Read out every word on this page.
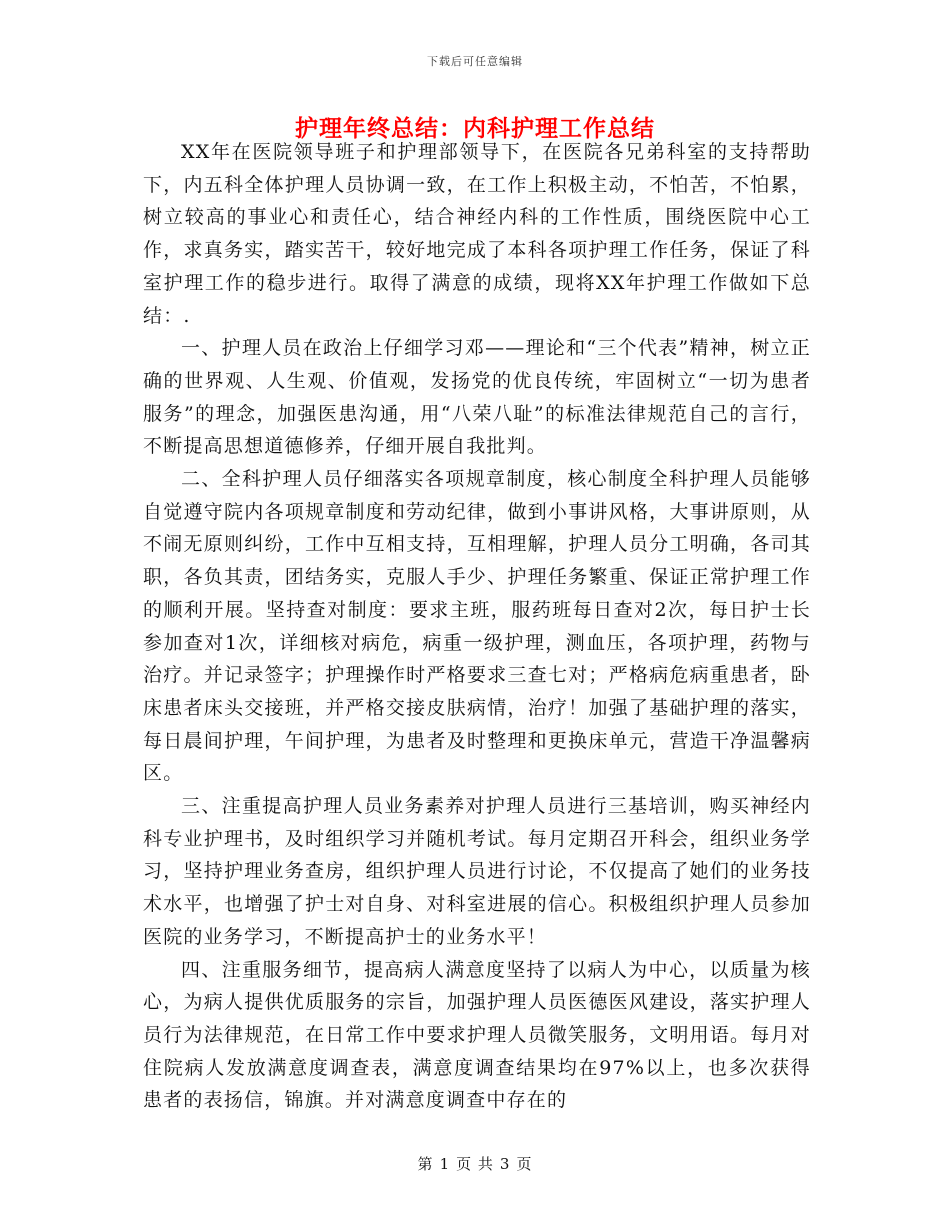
下载后可任意编辑
护理年终总结：内科护理工作总结

XX年在医院领导班子和护理部领导下，在医院各兄弟科室的支持帮助下，内五科全体护理人员协调一致，在工作上积极主动，不怕苦，不怕累，树立较高的事业心和责任心，结合神经内科的工作性质，围绕医院中心工作，求真务实，踏实苦干，较好地完成了本科各项护理工作任务，保证了科室护理工作的稳步进行。取得了满意的成绩，现将XX年护理工作做如下总结：.

一、护理人员在政治上仔细学习邓——理论和“三个代表”精神，树立正确的世界观、人生观、价值观，发扬党的优良传统，牢固树立“一切为患者服务”的理念，加强医患沟通，用“八荣八耻”的标准法律规范自己的言行，不断提高思想道德修养，仔细开展自我批判。

二、全科护理人员仔细落实各项规章制度，核心制度全科护理人员能够自觉遵守院内各项规章制度和劳动纪律，做到小事讲风格，大事讲原则，从不闹无原则纠纷，工作中互相支持，互相理解，护理人员分工明确，各司其职，各负其责，团结务实，克服人手少、护理任务繁重、保证正常护理工作的顺利开展。坚持查对制度：要求主班，服药班每日查对2次，每日护士长参加查对1次，详细核对病危，病重一级护理，测血压，各项护理，药物与治疗。并记录签字；护理操作时严格要求三查七对；严格病危病重患者，卧床患者床头交接班，并严格交接皮肤病情，治疗！加强了基础护理的落实，每日晨间护理，午间护理，为患者及时整理和更换床单元，营造干净温馨病区。

三、注重提高护理人员业务素养对护理人员进行三基培训，购买神经内科专业护理书，及时组织学习并随机考试。每月定期召开科会，组织业务学习，坚持护理业务查房，组织护理人员进行讨论，不仅提高了她们的业务技术水平，也增强了护士对自身、对科室进展的信心。积极组织护理人员参加医院的业务学习，不断提高护士的业务水平！

四、注重服务细节，提高病人满意度坚持了以病人为中心，以质量为核心，为病人提供优质服务的宗旨，加强护理人员医德医风建设，落实护理人员行为法律规范，在日常工作中要求护理人员微笑服务，文明用语。每月对住院病人发放满意度调查表，满意度调查结果均在97%以上，也多次获得患者的表扬信，锦旗。并对满意度调查中存在的

第 1 页 共 3 页
